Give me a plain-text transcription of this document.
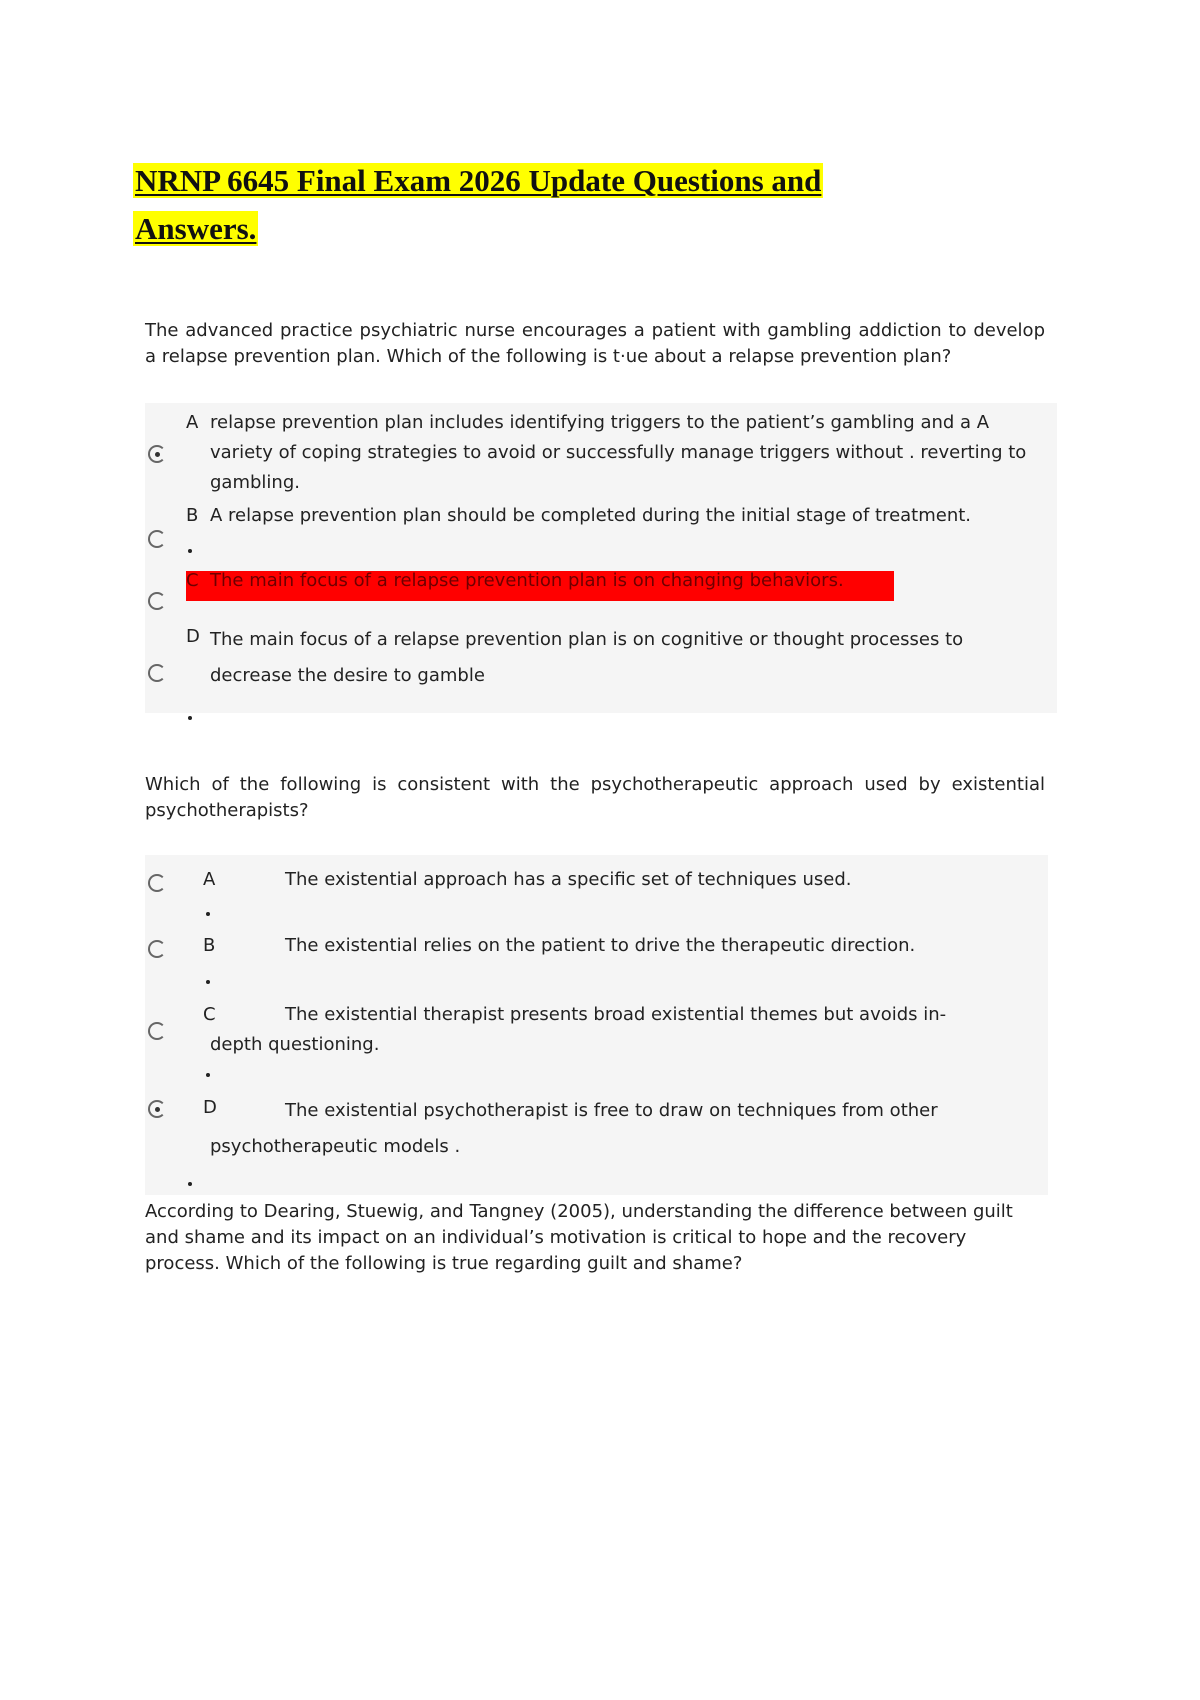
NRNP 6645 Final Exam 2026 Update Questions and Answers.
The advanced practice psychiatric nurse encourages a patient with gambling addiction to develop a relapse prevention plan. Which of the following is t·ue about a relapse prevention plan?
A relapse prevention plan includes identifying triggers to the patient’s gambling and a A variety of coping strategies to avoid or successfully manage triggers without . reverting to gambling.
B A relapse prevention plan should be completed during the initial stage of treatment.
C The main focus of a relapse prevention plan is on changing behaviors.
D The main focus of a relapse prevention plan is on cognitive or thought processes to decrease the desire to gamble
Which of the following is consistent with the psychotherapeutic approach used by existential psychotherapists?
A	The existential approach has a specific set of techniques used.
B	The existential relies on the patient to drive the therapeutic direction.
C	The existential therapist presents broad existential themes but avoids in-depth questioning.
D	The existential psychotherapist is free to draw on techniques from other psychotherapeutic models .
According to Dearing, Stuewig, and Tangney (2005), understanding the difference between guilt and shame and its impact on an individual’s motivation is critical to hope and the recovery process. Which of the following is true regarding guilt and shame?
